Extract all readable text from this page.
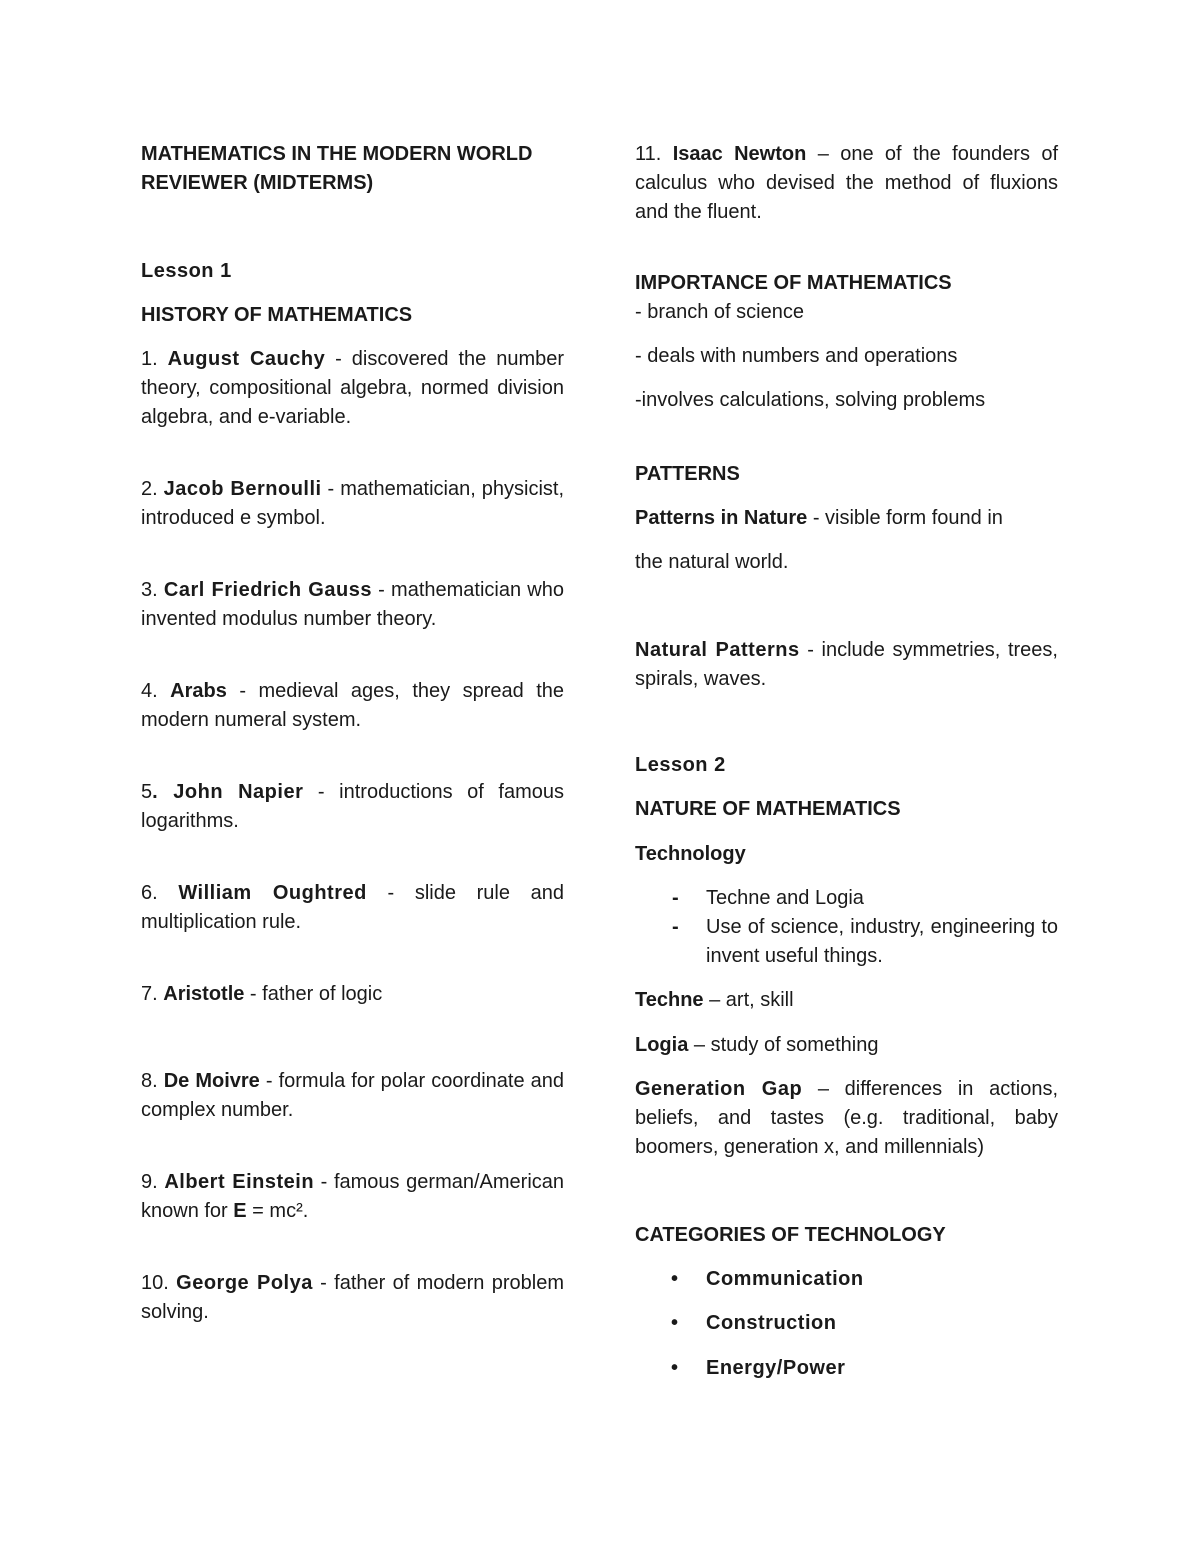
MATHEMATICS IN THE MODERN WORLD

REVIEWER (MIDTERMS)

Lesson 1

HISTORY OF MATHEMATICS

1. August Cauchy - discovered the number theory, compositional algebra, normed division algebra, and e-variable.

2. Jacob Bernoulli - mathematician, physicist, introduced e symbol.

3. Carl Friedrich Gauss - mathematician who invented modulus number theory.

4. Arabs - medieval ages, they spread the modern numeral system.

5. John Napier - introductions of famous logarithms.

6. William Oughtred - slide rule and multiplication rule.

7. Aristotle - father of logic

8. De Moivre - formula for polar coordinate and complex number.

9. Albert Einstein - famous german/American known for E = mc².

10. George Polya - father of modern problem solving.

11. Isaac Newton – one of the founders of calculus who devised the method of fluxions and the fluent.

IMPORTANCE OF MATHEMATICS

- branch of science

- deals with numbers and operations

-involves calculations, solving problems

PATTERNS

Patterns in Nature - visible form found in

the natural world.

Natural Patterns - include symmetries, trees, spirals, waves.

Lesson 2

NATURE OF MATHEMATICS

Technology

- Techne and Logia
- Use of science, industry, engineering to invent useful things.

Techne – art, skill

Logia – study of something

Generation Gap – differences in actions, beliefs, and tastes (e.g. traditional, baby boomers, generation x, and millennials)

CATEGORIES OF TECHNOLOGY

• Communication
• Construction
• Energy/Power
